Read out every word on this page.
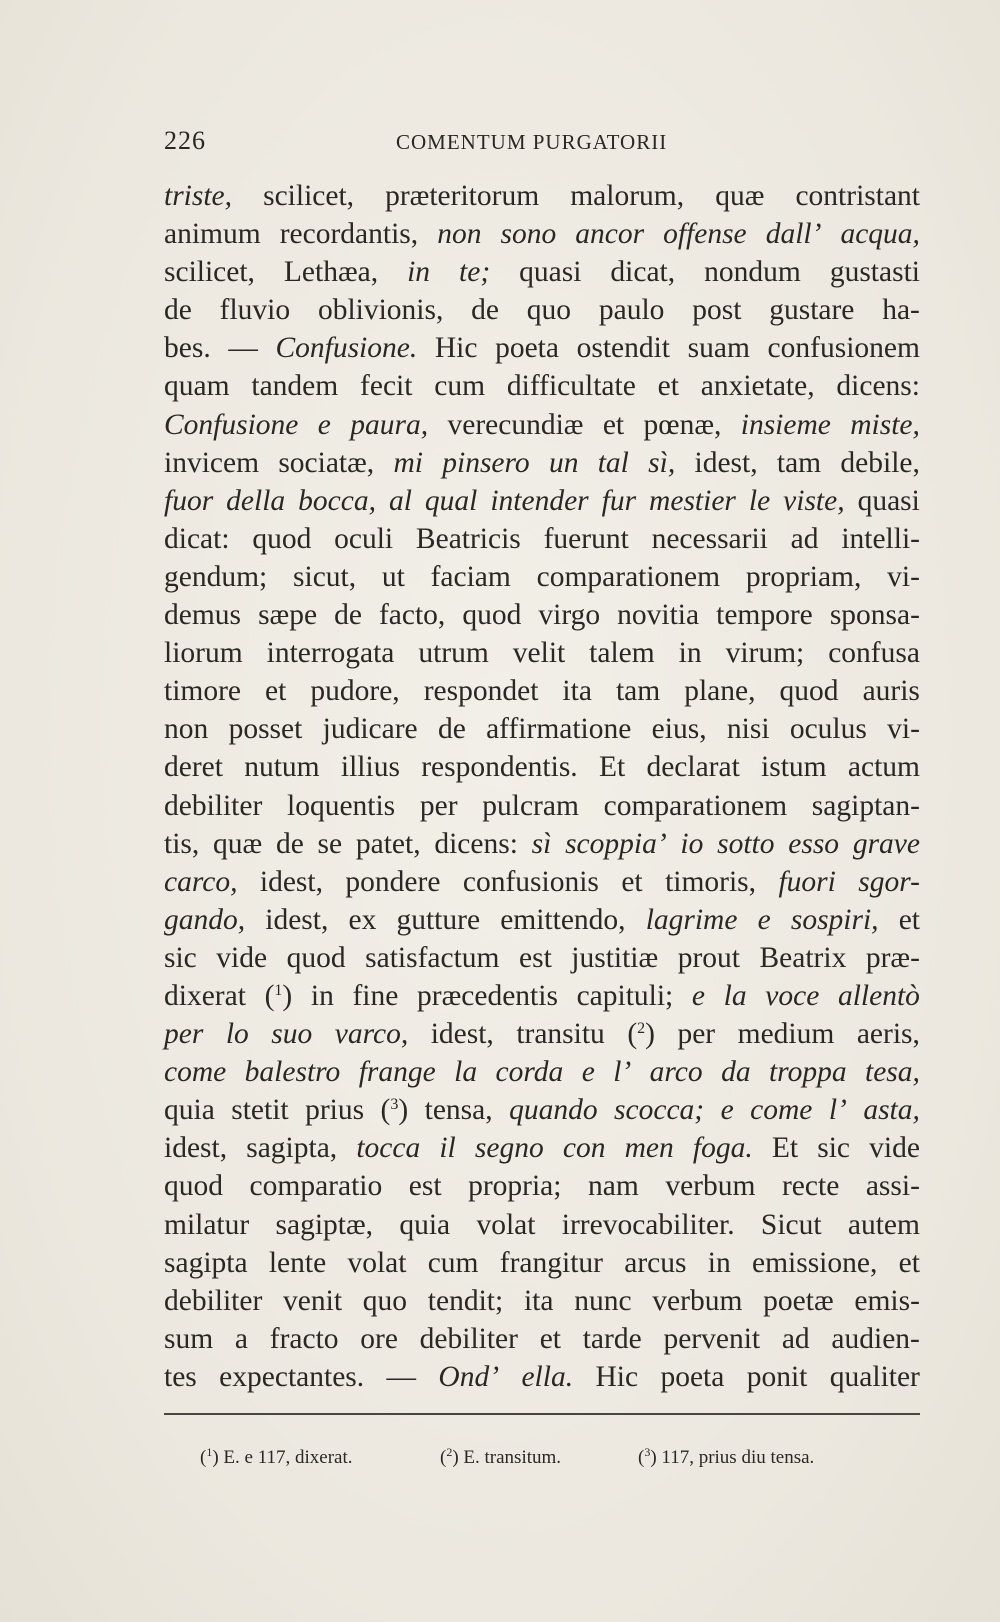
226	COMENTUM PURGATORII
triste, scilicet, præteritorum malorum, quæ contristant
animum recordantis, non sono ancor offense dall’ acqua,
scilicet, Lethæa, in te; quasi dicat, nondum gustasti
de fluvio oblivionis, de quo paulo post gustare ha-
bes. — Confusione. Hic poeta ostendit suam confusionem
quam tandem fecit cum difficultate et anxietate, dicens:
Confusione e paura, verecundiæ et pœnæ, insieme miste,
invicem sociatæ, mi pinsero un tal sì, idest, tam debile,
fuor della bocca, al qual intender fur mestier le viste, quasi
dicat: quod oculi Beatricis fuerunt necessarii ad intelli-
gendum; sicut, ut faciam comparationem propriam, vi-
demus sæpe de facto, quod virgo novitia tempore sponsa-
liorum interrogata utrum velit talem in virum; confusa
timore et pudore, respondet ita tam plane, quod auris
non posset judicare de affirmatione eius, nisi oculus vi-
deret nutum illius respondentis. Et declarat istum actum
debiliter loquentis per pulcram comparationem sagiptan-
tis, quæ de se patet, dicens: sì scoppia’ io sotto esso grave
carco, idest, pondere confusionis et timoris, fuori sgor-
gando, idest, ex gutture emittendo, lagrime e sospiri, et
sic vide quod satisfactum est justitiæ prout Beatrix præ-
dixerat ($^1$) in fine præcedentis capituli; e la voce allentò
per lo suo varco, idest, transitu ($^2$) per medium aeris,
come balestro frange la corda e l’ arco da troppa tesa,
quia stetit prius ($^3$) tensa, quando scocca; e come l’ asta,
idest, sagipta, tocca il segno con men foga. Et sic vide
quod comparatio est propria; nam verbum recte assi-
milatur sagiptæ, quia volat irrevocabiliter. Sicut autem
sagipta lente volat cum frangitur arcus in emissione, et
debiliter venit quo tendit; ita nunc verbum poetæ emis-
sum a fracto ore debiliter et tarde pervenit ad audien-
tes expectantes. — Ond’ ella. Hic poeta ponit qualiter
($^1$) E. e 117, dixerat.	($^2$) E. transitum.	($^3$) 117, prius diu tensa.
